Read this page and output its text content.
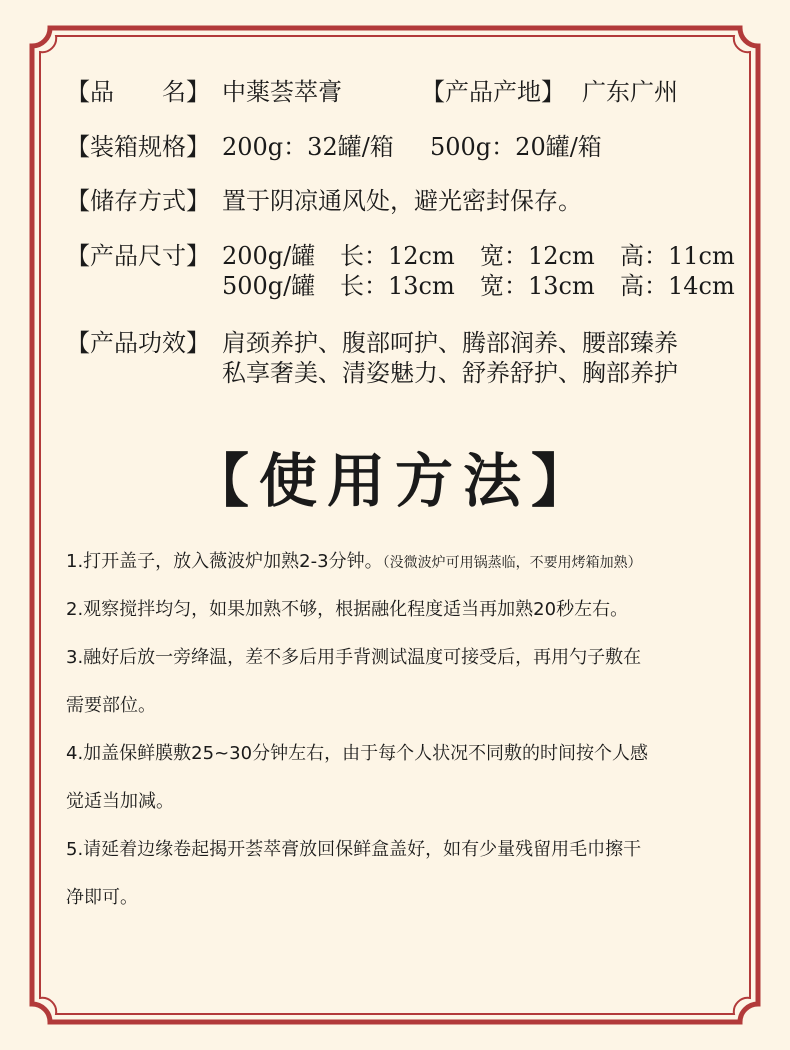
【品　　名】 中薬荟萃膏	【产品产地】 广东广州
【装箱规格】 200g：32罐/箱 500g：20罐/箱
【储存方式】 置于阴凉通风处，避光密封保存。
【产品尺寸】 200g/罐 长：12cm 宽：12cm 高：11cm
500g/罐 长：13cm 宽：13cm 高：14cm
【产品功效】 肩颈养护、腹部呵护、腾部润养、腰部臻养
私享奢美、清姿魅力、舒养舒护、胸部养护
【使用方法】
1.打开盖子，放入薇波炉加熟2-3分钟。（没微波炉可用锅蒸临，不要用烤箱加熟）
2.观察搅拌均匀，如果加熟不够，根据融化程度适当再加熟20秒左右。
3.融好后放一旁绛温，差不多后用手背测试温度可接受后，再用勺子敷在
需要部位。
4.加盖保鲜膜敷25~30分钟左右，由于每个人状况不同敷的时间按个人感
觉适当加减。
5.请延着边缘卷起揭开荟萃膏放回保鲜盒盖好，如有少量残留用毛巾擦干
净即可。
